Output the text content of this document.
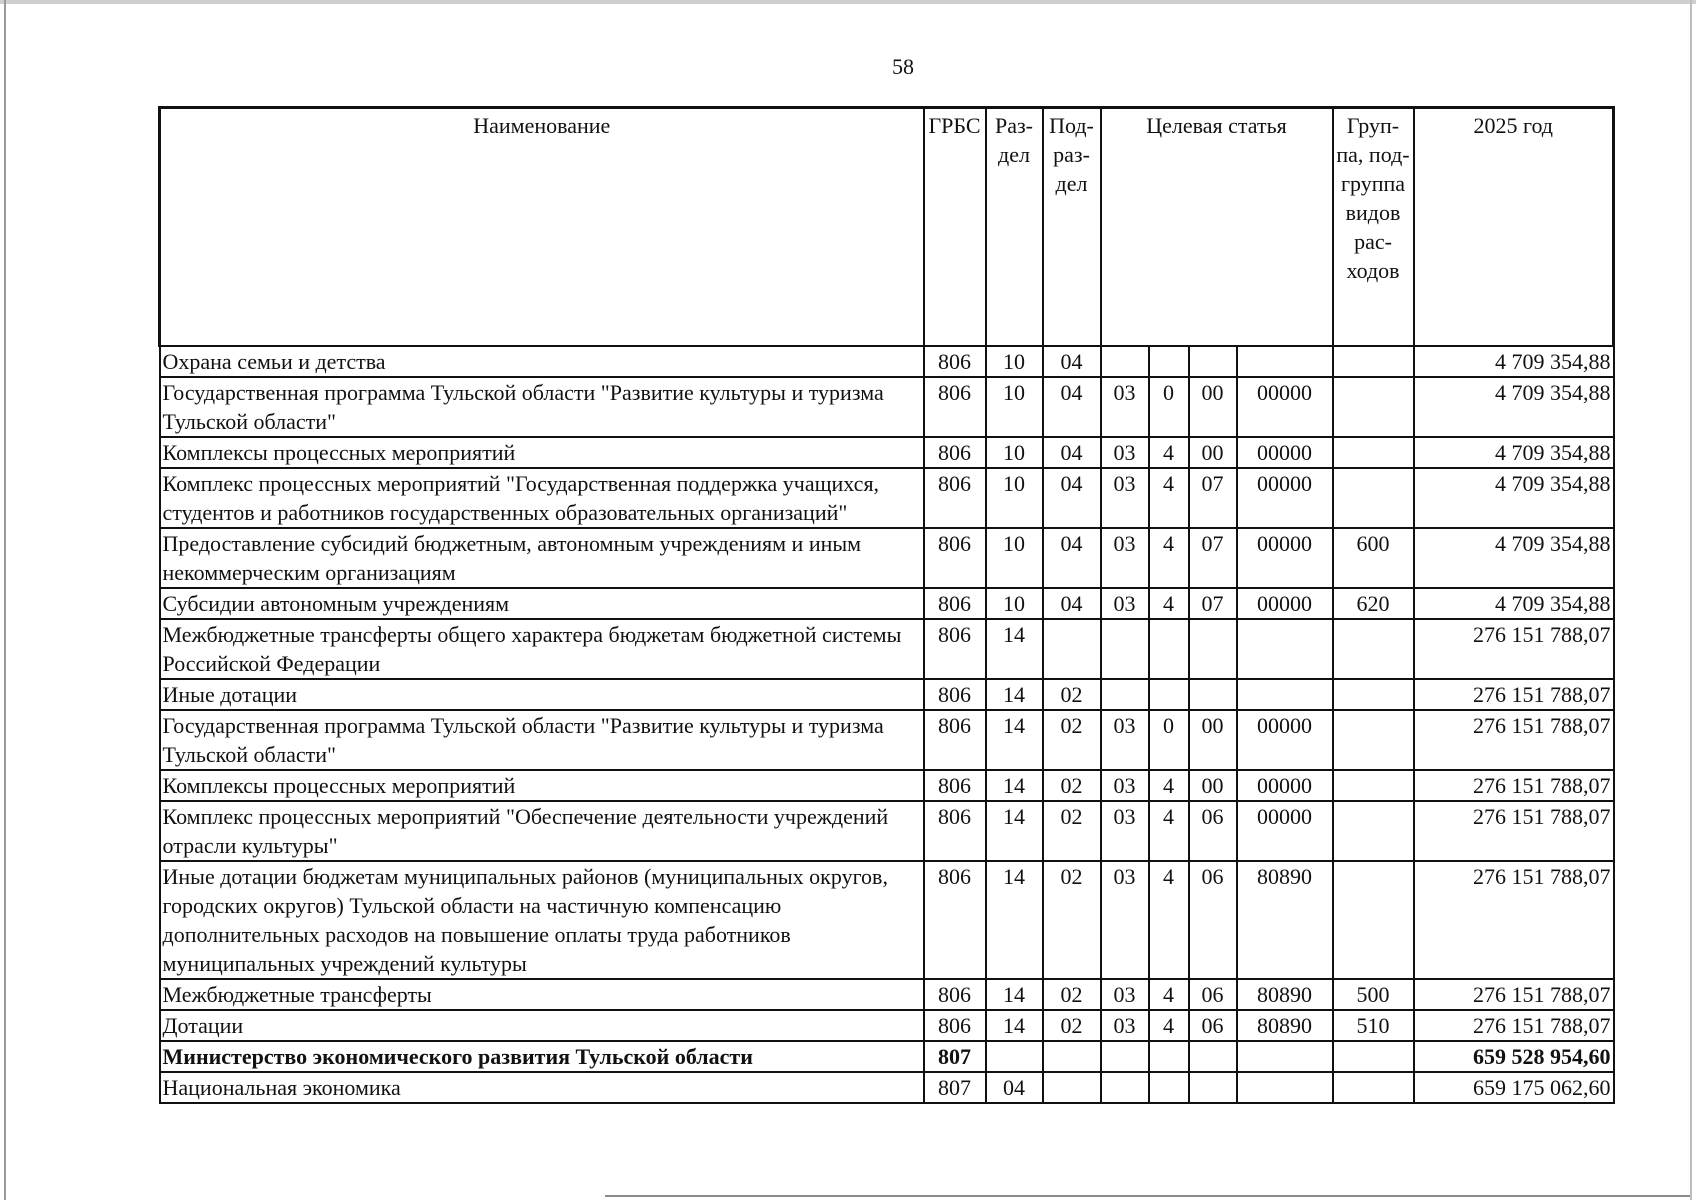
58
Наименование	ГРБС	Раз- дел	Под- раз- дел	Целевая статья				Груп- па, под- группа видов рас- ходов	2025 год
Охрана семьи и детства	806	10	04						4 709 354,88
Государственная программа Тульской области "Развитие культуры и туризма Тульской области"	806	10	04	03	0	00	00000		4 709 354,88
Комплексы процессных мероприятий	806	10	04	03	4	00	00000		4 709 354,88
Комплекс процессных мероприятий "Государственная поддержка учащихся, студентов и работников государственных образовательных организаций"	806	10	04	03	4	07	00000		4 709 354,88
Предоставление субсидий бюджетным, автономным учреждениям и иным некоммерческим организациям	806	10	04	03	4	07	00000	600	4 709 354,88
Субсидии автономным учреждениям	806	10	04	03	4	07	00000	620	4 709 354,88
Межбюджетные трансферты общего характера бюджетам бюджетной системы Российской Федерации	806	14							276 151 788,07
Иные дотации	806	14	02						276 151 788,07
Государственная программа Тульской области "Развитие культуры и туризма Тульской области"	806	14	02	03	0	00	00000		276 151 788,07
Комплексы процессных мероприятий	806	14	02	03	4	00	00000		276 151 788,07
Комплекс процессных мероприятий "Обеспечение деятельности учреждений отрасли культуры"	806	14	02	03	4	06	00000		276 151 788,07
Иные дотации бюджетам муниципальных районов (муниципальных округов, городских округов) Тульской области на частичную компенсацию дополнительных расходов на повышение оплаты труда работников муниципальных учреждений культуры	806	14	02	03	4	06	80890		276 151 788,07
Межбюджетные трансферты	806	14	02	03	4	06	80890	500	276 151 788,07
Дотации	806	14	02	03	4	06	80890	510	276 151 788,07
Министерство экономического развития Тульской области	807								659 528 954,60
Национальная экономика	807	04							659 175 062,60
